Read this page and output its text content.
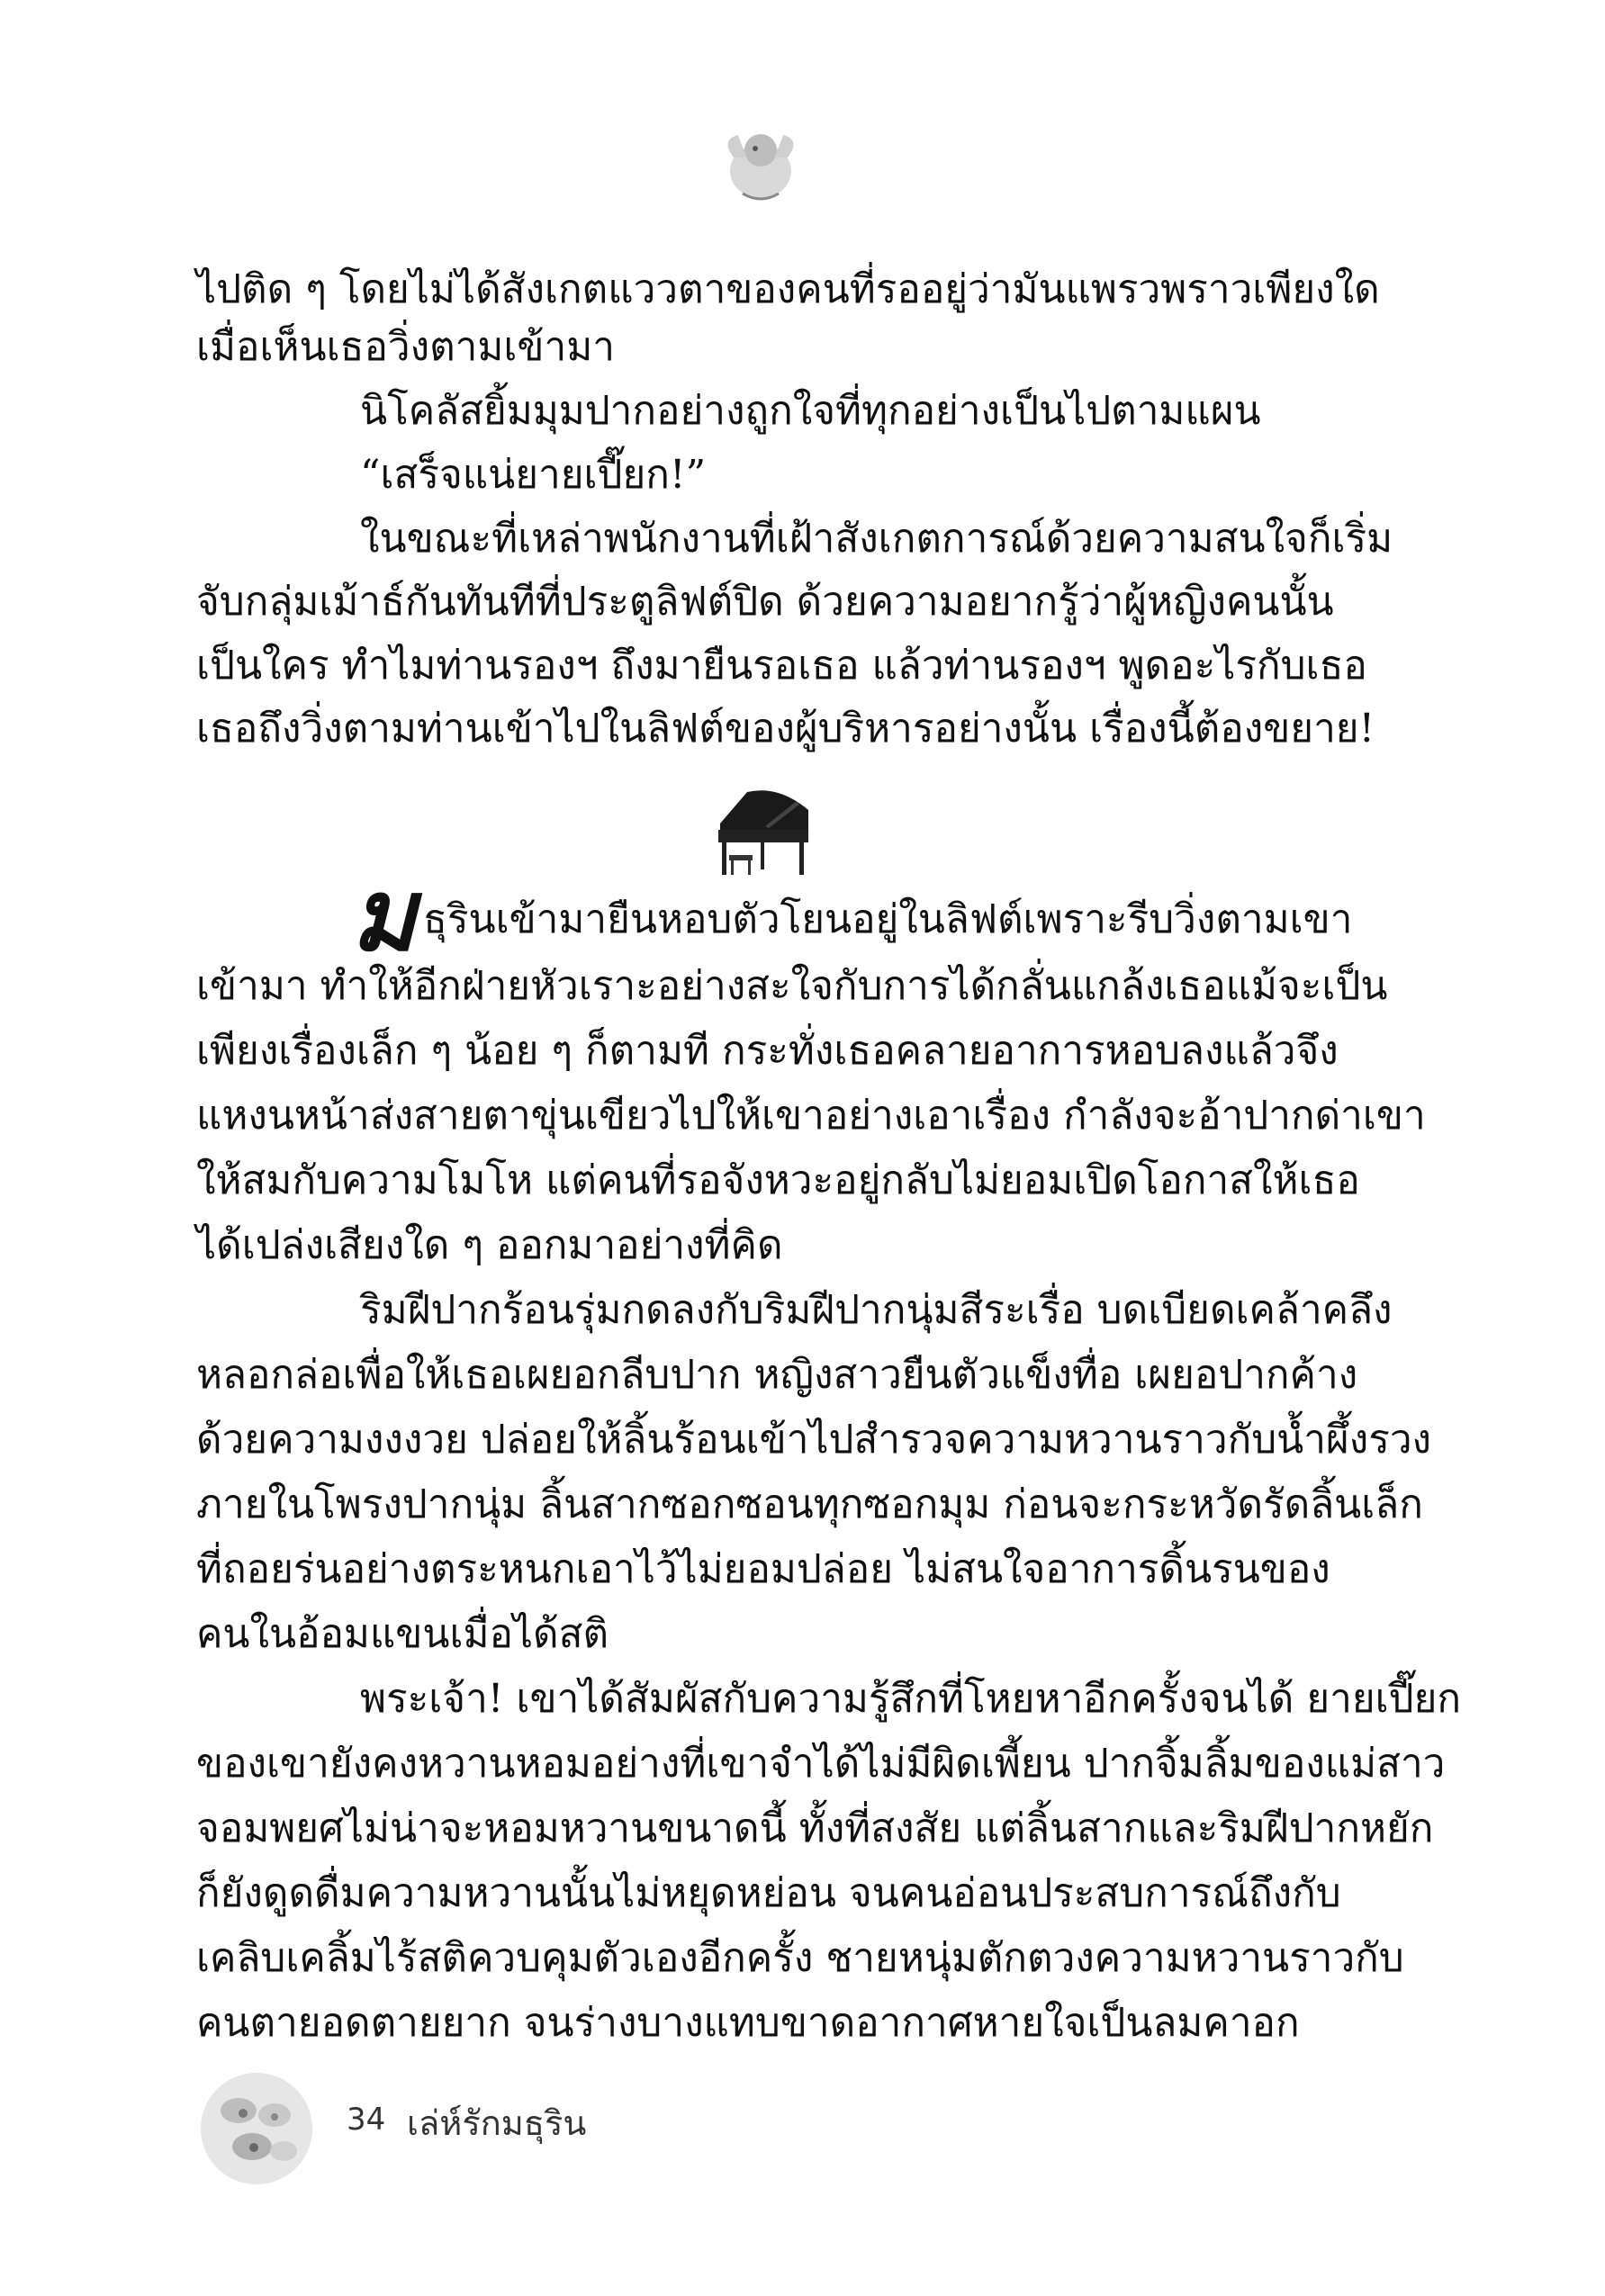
ไปติด ๆ โดยไม่ได้สังเกตแววตาของคนที่รออยู่ว่ามันแพรวพราวเพียงใด
เมื่อเห็นเธอวิ่งตามเข้ามา
นิโคลัสยิ้มมุมปากอย่างถูกใจที่ทุกอย่างเป็นไปตามแผน
“เสร็จแน่ยายเปี๊ยก!”
ในขณะที่เหล่าพนักงานที่เฝ้าสังเกตการณ์ด้วยความสนใจก็เริ่ม
จับกลุ่มเม้าธ์กันทันทีที่ประตูลิฟต์ปิด ด้วยความอยากรู้ว่าผู้หญิงคนนั้น
เป็นใคร ทำไมท่านรองฯ ถึงมายืนรอเธอ แล้วท่านรองฯ พูดอะไรกับเธอ
เธอถึงวิ่งตามท่านเข้าไปในลิฟต์ของผู้บริหารอย่างนั้น เรื่องนี้ต้องขยาย!
ม ธุรินเข้ามายืนหอบตัวโยนอยู่ในลิฟต์เพราะรีบวิ่งตามเขา
เข้ามา ทำให้อีกฝ่ายหัวเราะอย่างสะใจกับการได้กลั่นแกล้งเธอแม้จะเป็น
เพียงเรื่องเล็ก ๆ น้อย ๆ ก็ตามที กระทั่งเธอคลายอาการหอบลงแล้วจึง
แหงนหน้าส่งสายตาขุ่นเขียวไปให้เขาอย่างเอาเรื่อง กำลังจะอ้าปากด่าเขา
ให้สมกับความโมโห แต่คนที่รอจังหวะอยู่กลับไม่ยอมเปิดโอกาสให้เธอ
ได้เปล่งเสียงใด ๆ ออกมาอย่างที่คิด
ริมฝีปากร้อนรุ่มกดลงกับริมฝีปากนุ่มสีระเรื่อ บดเบียดเคล้าคลึง
หลอกล่อเพื่อให้เธอเผยอกลีบปาก หญิงสาวยืนตัวแข็งทื่อ เผยอปากค้าง
ด้วยความงงงวย ปล่อยให้ลิ้นร้อนเข้าไปสำรวจความหวานราวกับน้ำผึ้งรวง
ภายในโพรงปากนุ่ม ลิ้นสากซอกซอนทุกซอกมุม ก่อนจะกระหวัดรัดลิ้นเล็ก
ที่ถอยร่นอย่างตระหนกเอาไว้ไม่ยอมปล่อย ไม่สนใจอาการดิ้นรนของ
คนในอ้อมแขนเมื่อได้สติ
พระเจ้า! เขาได้สัมผัสกับความรู้สึกที่โหยหาอีกครั้งจนได้ ยายเปี๊ยก
ของเขายังคงหวานหอมอย่างที่เขาจำได้ไม่มีผิดเพี้ยน ปากจิ้มลิ้มของแม่สาว
จอมพยศไม่น่าจะหอมหวานขนาดนี้ ทั้งที่สงสัย แต่ลิ้นสากและริมฝีปากหยัก
ก็ยังดูดดื่มความหวานนั้นไม่หยุดหย่อน จนคนอ่อนประสบการณ์ถึงกับ
เคลิบเคลิ้มไร้สติควบคุมตัวเองอีกครั้ง ชายหนุ่มตักตวงความหวานราวกับ
คนตายอดตายยาก จนร่างบางแทบขาดอากาศหายใจเป็นลมคาอก
34 เล่ห์รักมธุริน
